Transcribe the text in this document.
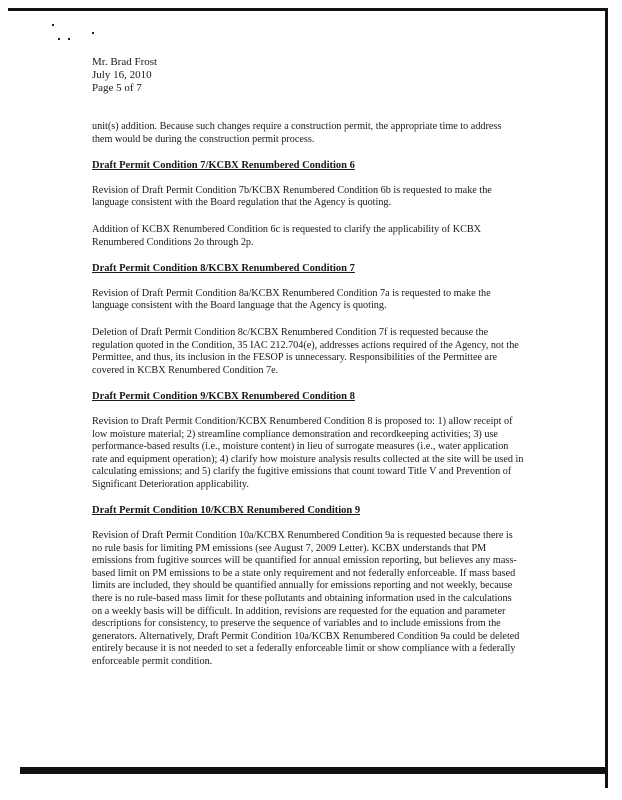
Mr. Brad Frost
July 16, 2010
Page 5 of 7

unit(s) addition. Because such changes require a construction permit, the appropriate time to address them would be during the construction permit process.

Draft Permit Condition 7/KCBX Renumbered Condition 6

Revision of Draft Permit Condition 7b/KCBX Renumbered Condition 6b is requested to make the language consistent with the Board regulation that the Agency is quoting.

Addition of KCBX Renumbered Condition 6c is requested to clarify the applicability of KCBX Renumbered Conditions 2o through 2p.

Draft Permit Condition 8/KCBX Renumbered Condition 7

Revision of Draft Permit Condition 8a/KCBX Renumbered Condition 7a is requested to make the language consistent with the Board language that the Agency is quoting.

Deletion of Draft Permit Condition 8c/KCBX Renumbered Condition 7f is requested because the regulation quoted in the Condition, 35 IAC 212.704(e), addresses actions required of the Agency, not the Permittee, and thus, its inclusion in the FESOP is unnecessary. Responsibilities of the Permittee are covered in KCBX Renumbered Condition 7e.

Draft Permit Condition 9/KCBX Renumbered Condition 8

Revision to Draft Permit Condition/KCBX Renumbered Condition 8 is proposed to: 1) allow receipt of low moisture material; 2) streamline compliance demonstration and recordkeeping activities; 3) use performance-based results (i.e., moisture content) in lieu of surrogate measures (i.e., water application rate and equipment operation); 4) clarify how moisture analysis results collected at the site will be used in calculating emissions; and 5) clarify the fugitive emissions that count toward Title V and Prevention of Significant Deterioration applicability.

Draft Permit Condition 10/KCBX Renumbered Condition 9

Revision of Draft Permit Condition 10a/KCBX Renumbered Condition 9a is requested because there is no rule basis for limiting PM emissions (see August 7, 2009 Letter). KCBX understands that PM emissions from fugitive sources will be quantified for annual emission reporting, but believes any mass-based limit on PM emissions to be a state only requirement and not federally enforceable. If mass based limits are included, they should be quantified annually for emissions reporting and not weekly, because there is no rule-based mass limit for these pollutants and obtaining information used in the calculations on a weekly basis will be difficult. In addition, revisions are requested for the equation and parameter descriptions for consistency, to preserve the sequence of variables and to include emissions from the generators. Alternatively, Draft Permit Condition 10a/KCBX Renumbered Condition 9a could be deleted entirely because it is not needed to set a federally enforceable limit or show compliance with a federally enforceable permit condition.
